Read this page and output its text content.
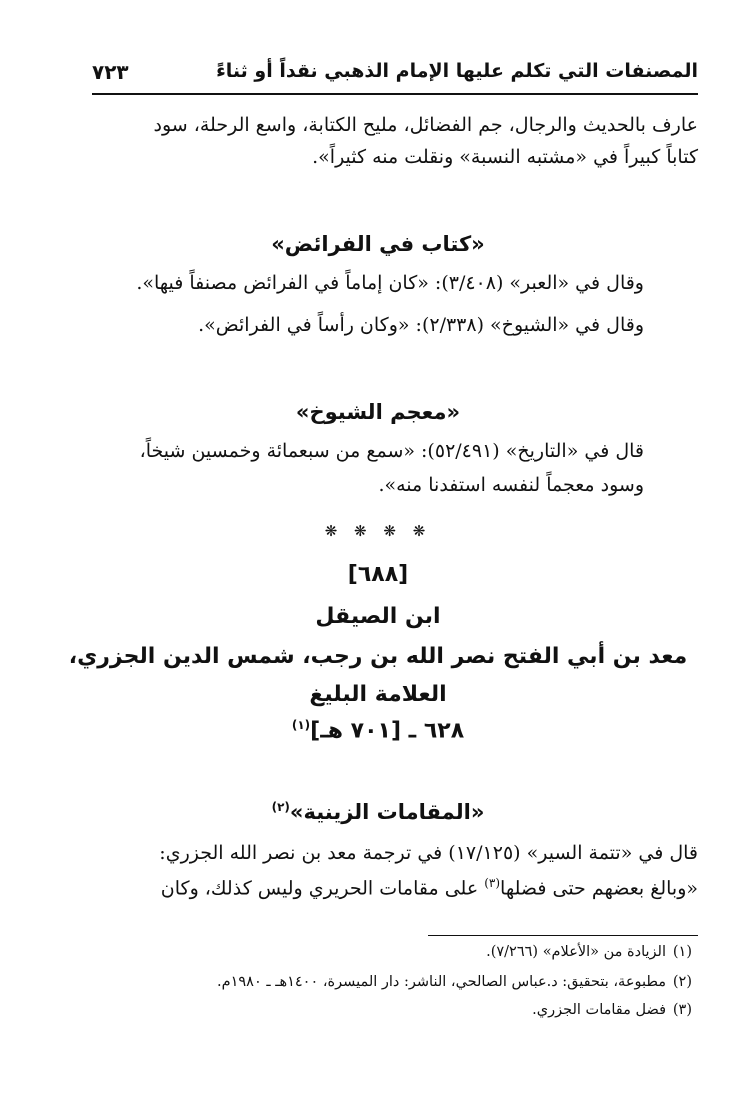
المصنفات التي تكلم عليها الإمام الذهبي نقداً أو ثناءً
٧٢٣
عارف بالحديث والرجال، جم الفضائل، مليح الكتابة، واسع الرحلة، سود
كتاباً كبيراً في «مشتبه النسبة» ونقلت منه كثيراً».
«كتاب في الفرائض»
وقال في «العبر» (٣/٤٠٨): «كان إماماً في الفرائض مصنفاً فيها».
وقال في «الشيوخ» (٢/٣٣٨): «وكان رأساً في الفرائض».
«معجم الشيوخ»
قال في «التاريخ» (٥٢/٤٩١): «سمع من سبعمائة وخمسين شيخاً،
وسود معجماً لنفسه استفدنا منه».
❋ ❋ ❋ ❋
[٦٨٨]
ابن الصيقل
معد بن أبي الفتح نصر الله بن رجب، شمس الدين الجزري،
العلامة البليغ
٦٢٨ ـ [٧٠١ هـ]$^{(١)}$
«المقامات الزينية»$^{(٢)}$
قال في «تتمة السير» (١٧/١٢٥) في ترجمة معد بن نصر الله الجزري:
«وبالغ بعضهم حتى فضلها$^{(٣)}$ على مقامات الحريري وليس كذلك، وكان
(١)الزيادة من «الأعلام» (٧/٢٦٦).
(٢)مطبوعة، بتحقيق: د.عباس الصالحي، الناشر: دار الميسرة، ١٤٠٠هـ ـ ١٩٨٠م.
(٣)فضل مقامات الجزري.
